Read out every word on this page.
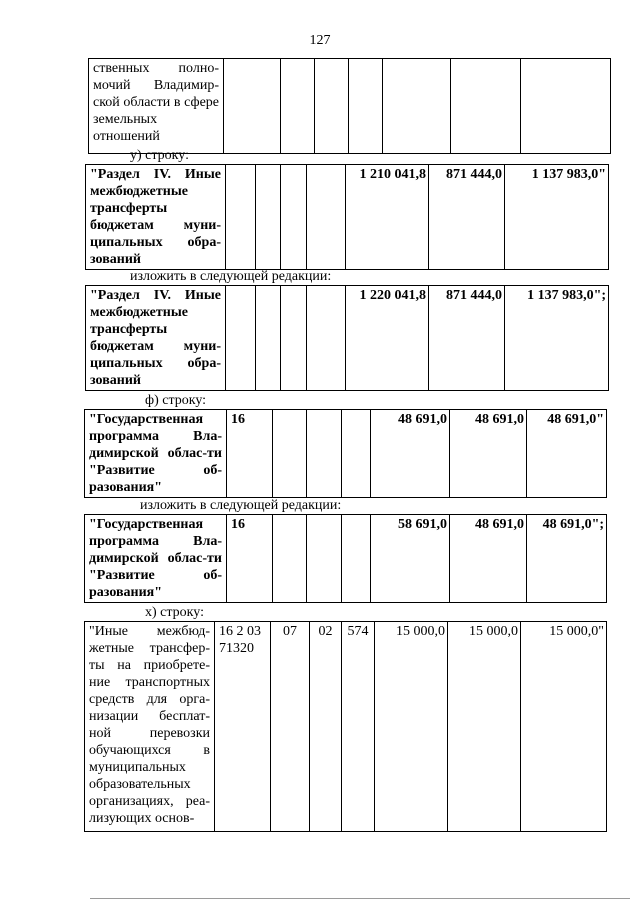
127
ственных полно-мочий Владимир-ской области в сфере земельных отношений							
у) строку:
"Раздел IV. Иные межбюджетные трансферты бюджетам муни-ципальных обра-зований					1 210 041,8	871 444,0	1 137 983,0"
изложить в следующей редакции:
"Раздел IV. Иные межбюджетные трансферты бюджетам муни-ципальных обра-зований					1 220 041,8	871 444,0	1 137 983,0";
ф) строку:
"Государственная программа Вла-димирской облас-ти "Развитие об-разования"	16				48 691,0	48 691,0	48 691,0"
изложить в следующей редакции:
"Государственная программа Вла-димирской облас-ти "Развитие об-разования"	16				58 691,0	48 691,0	48 691,0";
х) строку:
"Иные межбюд-жетные трансфер-ты на приобрете-ние транспортных средств для орга-низации бесплат-ной перевозки обучающихся в муниципальных образовательных организациях, реа-лизующих основ-	16 2 03 71320	07	02	574	15 000,0	15 000,0	15 000,0"
